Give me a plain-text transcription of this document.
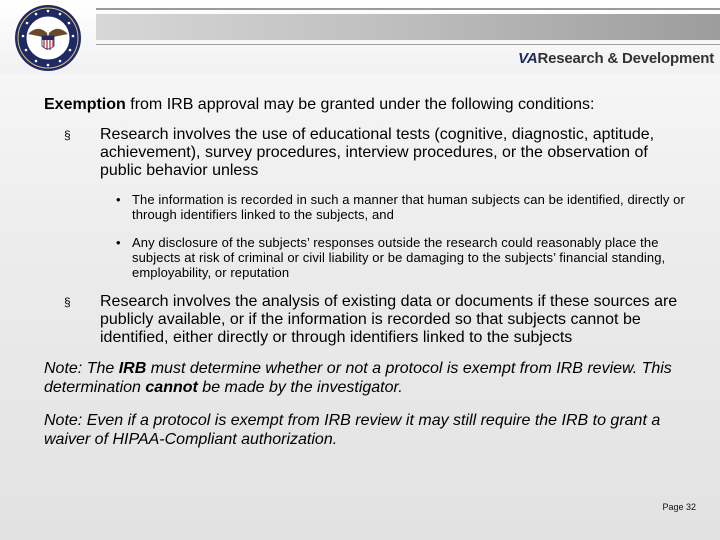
VAResearch & Development

Exemption from IRB approval may be granted under the following conditions:

§ Research involves the use of educational tests (cognitive, diagnostic, aptitude, achievement), survey procedures, interview procedures, or the observation of public behavior unless
• The information is recorded in such a manner that human subjects can be identified, directly or through identifiers linked to the subjects, and
• Any disclosure of the subjects’ responses outside the research could reasonably place the subjects at risk of criminal or civil liability or be damaging to the subjects’ financial standing, employability, or reputation
§ Research involves the analysis of existing data or documents if these sources are publicly available, or if the information is recorded so that subjects cannot be identified, either directly or through identifiers linked to the subjects

Note: The IRB must determine whether or not a protocol is exempt from IRB review. This determination cannot be made by the investigator.

Note: Even if a protocol is exempt from IRB review it may still require the IRB to grant a waiver of HIPAA-Compliant authorization.

Page 32
